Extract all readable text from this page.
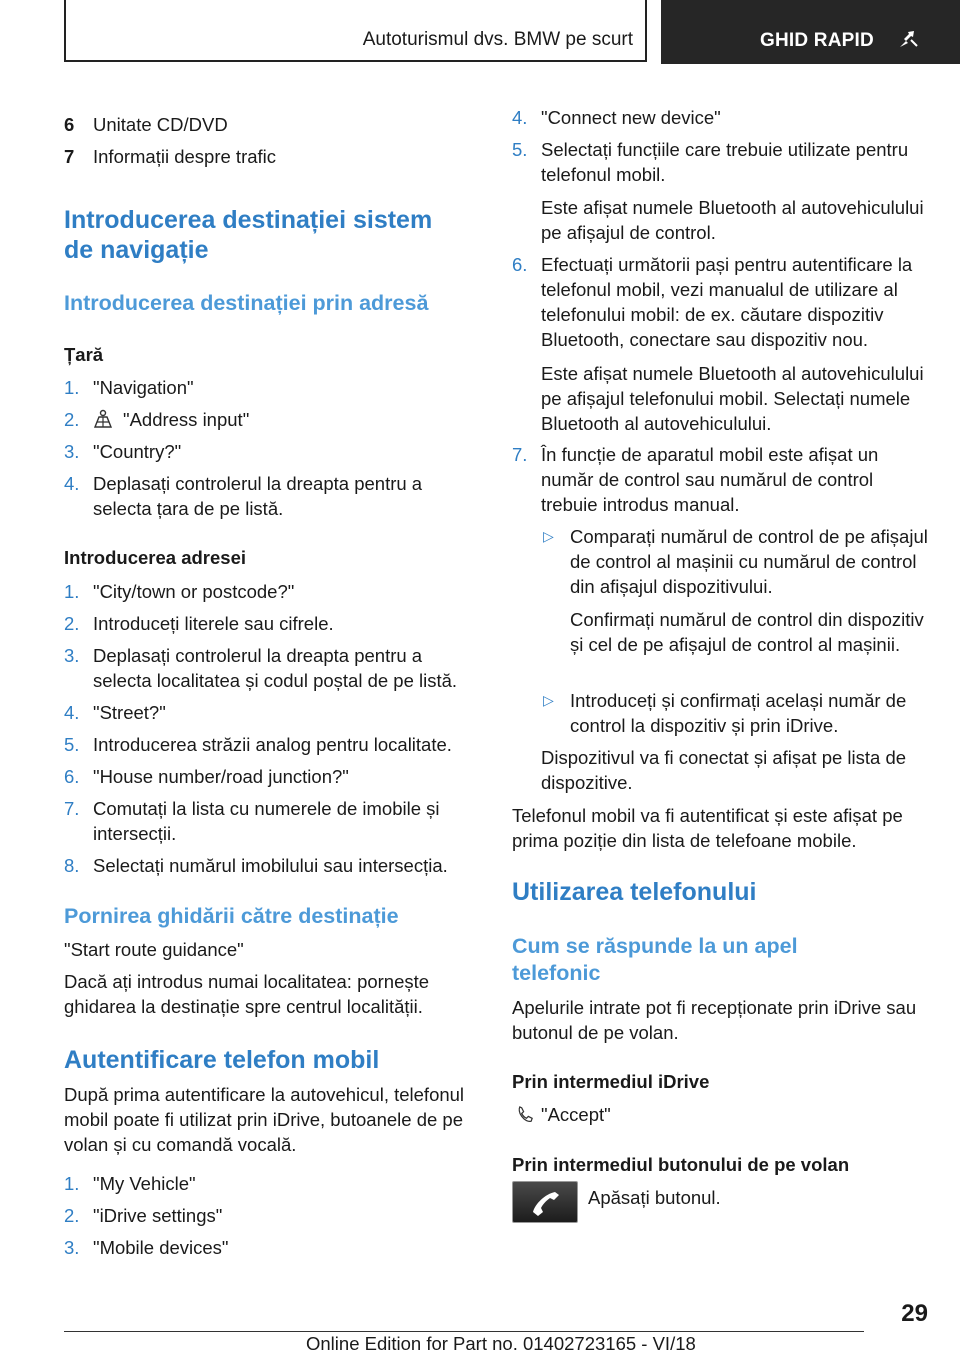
Autoturismul dvs. BMW pe scurt	GHID RAPID
6 Unitate CD/DVD
7 Informații despre trafic
Introducerea destinației sistem de navigație
Introducerea destinației prin adresă
Țară
1. "Navigation"
2.	"Address input"
3. "Country?"
4. Deplasați controlerul la dreapta pentru a selecta țara de pe listă.
Introducerea adresei
1. "City/town or postcode?"
2. Introduceți literele sau cifrele.
3. Deplasați controlerul la dreapta pentru a selecta localitatea și codul poștal de pe listă.
4. "Street?"
5. Introducerea străzii analog pentru localitate.
6. "House number/road junction?"
7. Comutați la lista cu numerele de imobile și intersecții.
8. Selectați numărul imobilului sau intersecția.
Pornirea ghidării către destinație
"Start route guidance"
Dacă ați introdus numai localitatea: pornește ghidarea la destinație spre centrul localității.
Autentificare telefon mobil
După prima autentificare la autovehicul, telefonul mobil poate fi utilizat prin iDrive, butoanele de pe volan și cu comandă vocală.
1. "My Vehicle"
2. "iDrive settings"
3. "Mobile devices"
4. "Connect new device"
5. Selectați funcțiile care trebuie utilizate pentru telefonul mobil.
Este afișat numele Bluetooth al autovehiculului pe afișajul de control.
6. Efectuați următorii pași pentru autentificare la telefonul mobil, vezi manualul de utilizare al telefonului mobil: de ex. căutare dispozitiv Bluetooth, conectare sau dispozitiv nou.
Este afișat numele Bluetooth al autovehiculului pe afișajul telefonului mobil. Selectați numele Bluetooth al autovehiculului.
7. În funcție de aparatul mobil este afișat un număr de control sau numărul de control trebuie introdus manual.
▷ Comparați numărul de control de pe afișajul de control al mașinii cu numărul de control din afișajul dispozitivului.
Confirmați numărul de control din dispozitiv și cel de pe afișajul de control al mașinii.
▷ Introduceți și confirmați același număr de control la dispozitiv și prin iDrive.
Dispozitivul va fi conectat și afișat pe lista de dispozitive.
Telefonul mobil va fi autentificat și este afișat pe prima poziție din lista de telefoane mobile.
Utilizarea telefonului
Cum se răspunde la un apel telefonic
Apelurile intrate pot fi recepționate prin iDrive sau butonul de pe volan.
Prin intermediul iDrive
"Accept"
Prin intermediul butonului de pe volan
Apăsați butonul.
29
Online Edition for Part no. 01402723165 - VI/18
